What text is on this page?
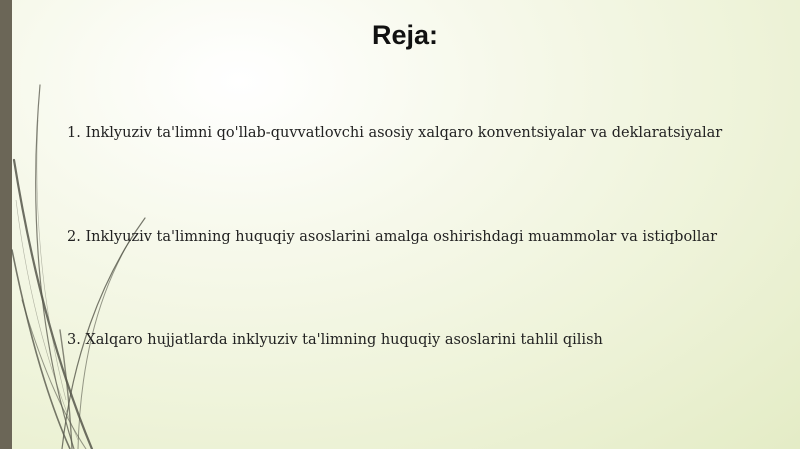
Reja:

1. Inklyuziv ta'limni qo'llab-quvvatlovchi asosiy xalqaro konventsiyalar va deklaratsiyalar

2. Inklyuziv ta'limning huquqiy asoslarini amalga oshirishdagi muammolar va istiqbollar

3. Xalqaro hujjatlarda inklyuziv ta'limning huquqiy asoslarini tahlil qilish
